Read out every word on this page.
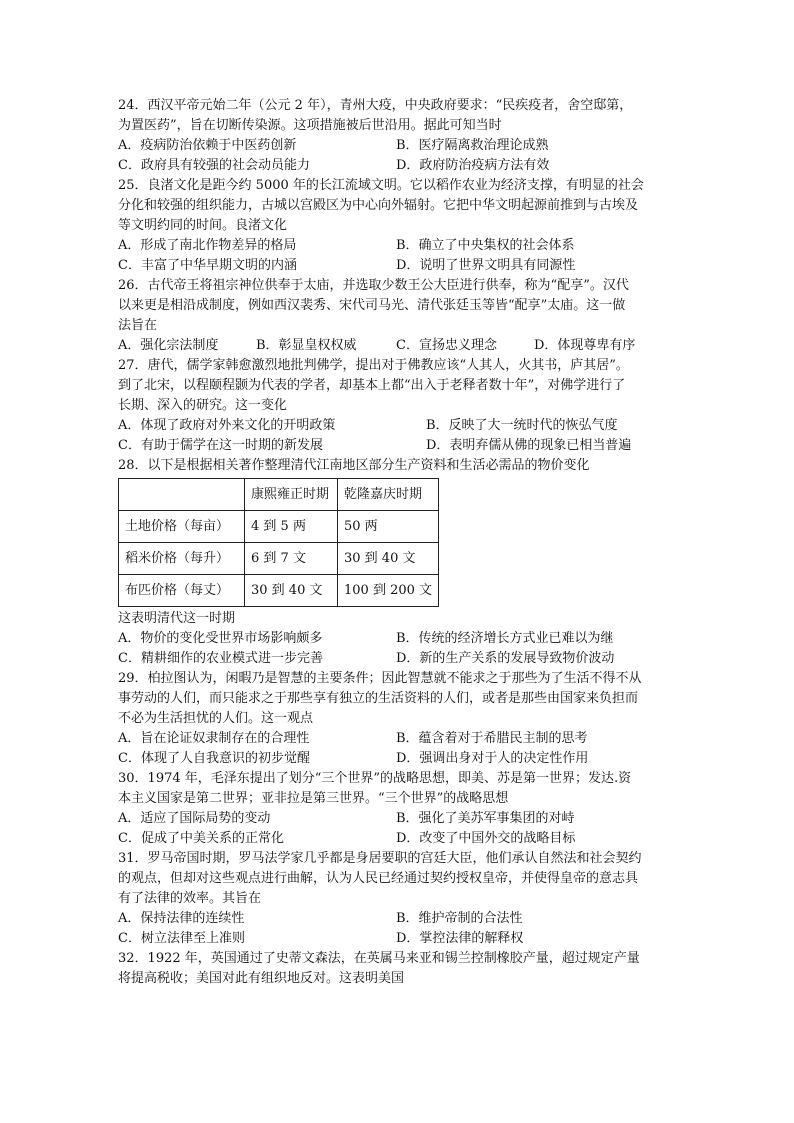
24．西汉平帝元始二年（公元 2 年），青州大疫，中央政府要求：“民疾疫者，舍空邸第，
为置医药”，旨在切断传染源。这项措施被后世沿用。据此可知当时
A．疫病防治依赖于中医药创新	B．医疗隔离救治理论成熟
C．政府具有较强的社会动员能力	D．政府防治疫病方法有效
25．良渚文化是距今约 5000 年的长江流域文明。它以稻作农业为经济支撑，有明显的社会
分化和较强的组织能力，古城以宫殿区为中心向外辐射。它把中华文明起源前推到与古埃及
等文明约同的时间。良渚文化
A．形成了南北作物差异的格局	B．确立了中央集权的社会体系
C．丰富了中华早期文明的内涵	D．说明了世界文明具有同源性
26．古代帝王将祖宗神位供奉于太庙，并选取少数王公大臣进行供奉，称为“配享”。汉代
以来更是相沿成制度，例如西汉裴秀、宋代司马光、清代张廷玉等皆“配享”太庙。这一做
法旨在
A．强化宗法制度	B．彰显皇权权威	C．宣扬忠义理念	D．体现尊卑有序
27．唐代，儒学家韩愈激烈地批判佛学，提出对于佛教应该“人其人，火其书，庐其居”。
到了北宋，以程颐程颢为代表的学者，却基本上都“出入于老释者数十年”，对佛学进行了
长期、深入的研究。这一变化
A．体现了政府对外来文化的开明政策	B．反映了大一统时代的恢弘气度
C．有助于儒学在这一时期的新发展	D．表明弃儒从佛的现象已相当普遍
28．以下是根据相关著作整理清代江南地区部分生产资料和生活必需品的物价变化
	康熙雍正时期	乾隆嘉庆时期
土地价格（每亩）	4 到 5 两	50 两
稻米价格（每升）	6 到 7 文	30 到 40 文
布匹价格（每丈）	30 到 40 文	100 到 200 文
这表明清代这一时期
A．物价的变化受世界市场影响颇多	B．传统的经济增长方式业已难以为继
C．精耕细作的农业模式进一步完善	D．新的生产关系的发展导致物价波动
29．柏拉图认为，闲暇乃是智慧的主要条件；因此智慧就不能求之于那些为了生活不得不从
事劳动的人们，而只能求之于那些享有独立的生活资料的人们，或者是那些由国家来负担而
不必为生活担忧的人们。这一观点
A．旨在论证奴隶制存在的合理性	B．蕴含着对于希腊民主制的思考
C．体现了人自我意识的初步觉醒	D．强调出身对于人的决定性作用
30．1974 年，毛泽东提出了划分“三个世界”的战略思想，即美、苏是第一世界；发达.资
本主义国家是第二世界；亚非拉是第三世界。“三个世界”的战略思想
A．适应了国际局势的变动	B．强化了美苏军事集团的对峙
C．促成了中美关系的正常化	D．改变了中国外交的战略目标
31．罗马帝国时期，罗马法学家几乎都是身居要职的宫廷大臣，他们承认自然法和社会契约
的观点，但却对这些观点进行曲解，认为人民已经通过契约授权皇帝，并使得皇帝的意志具
有了法律的效率。其旨在
A．保持法律的连续性	B．维护帝制的合法性
C．树立法律至上准则	D．掌控法律的解释权
32．1922 年，英国通过了史蒂文森法，在英属马来亚和锡兰控制橡胶产量，超过规定产量
将提高税收；美国对此有组织地反对。这表明美国
